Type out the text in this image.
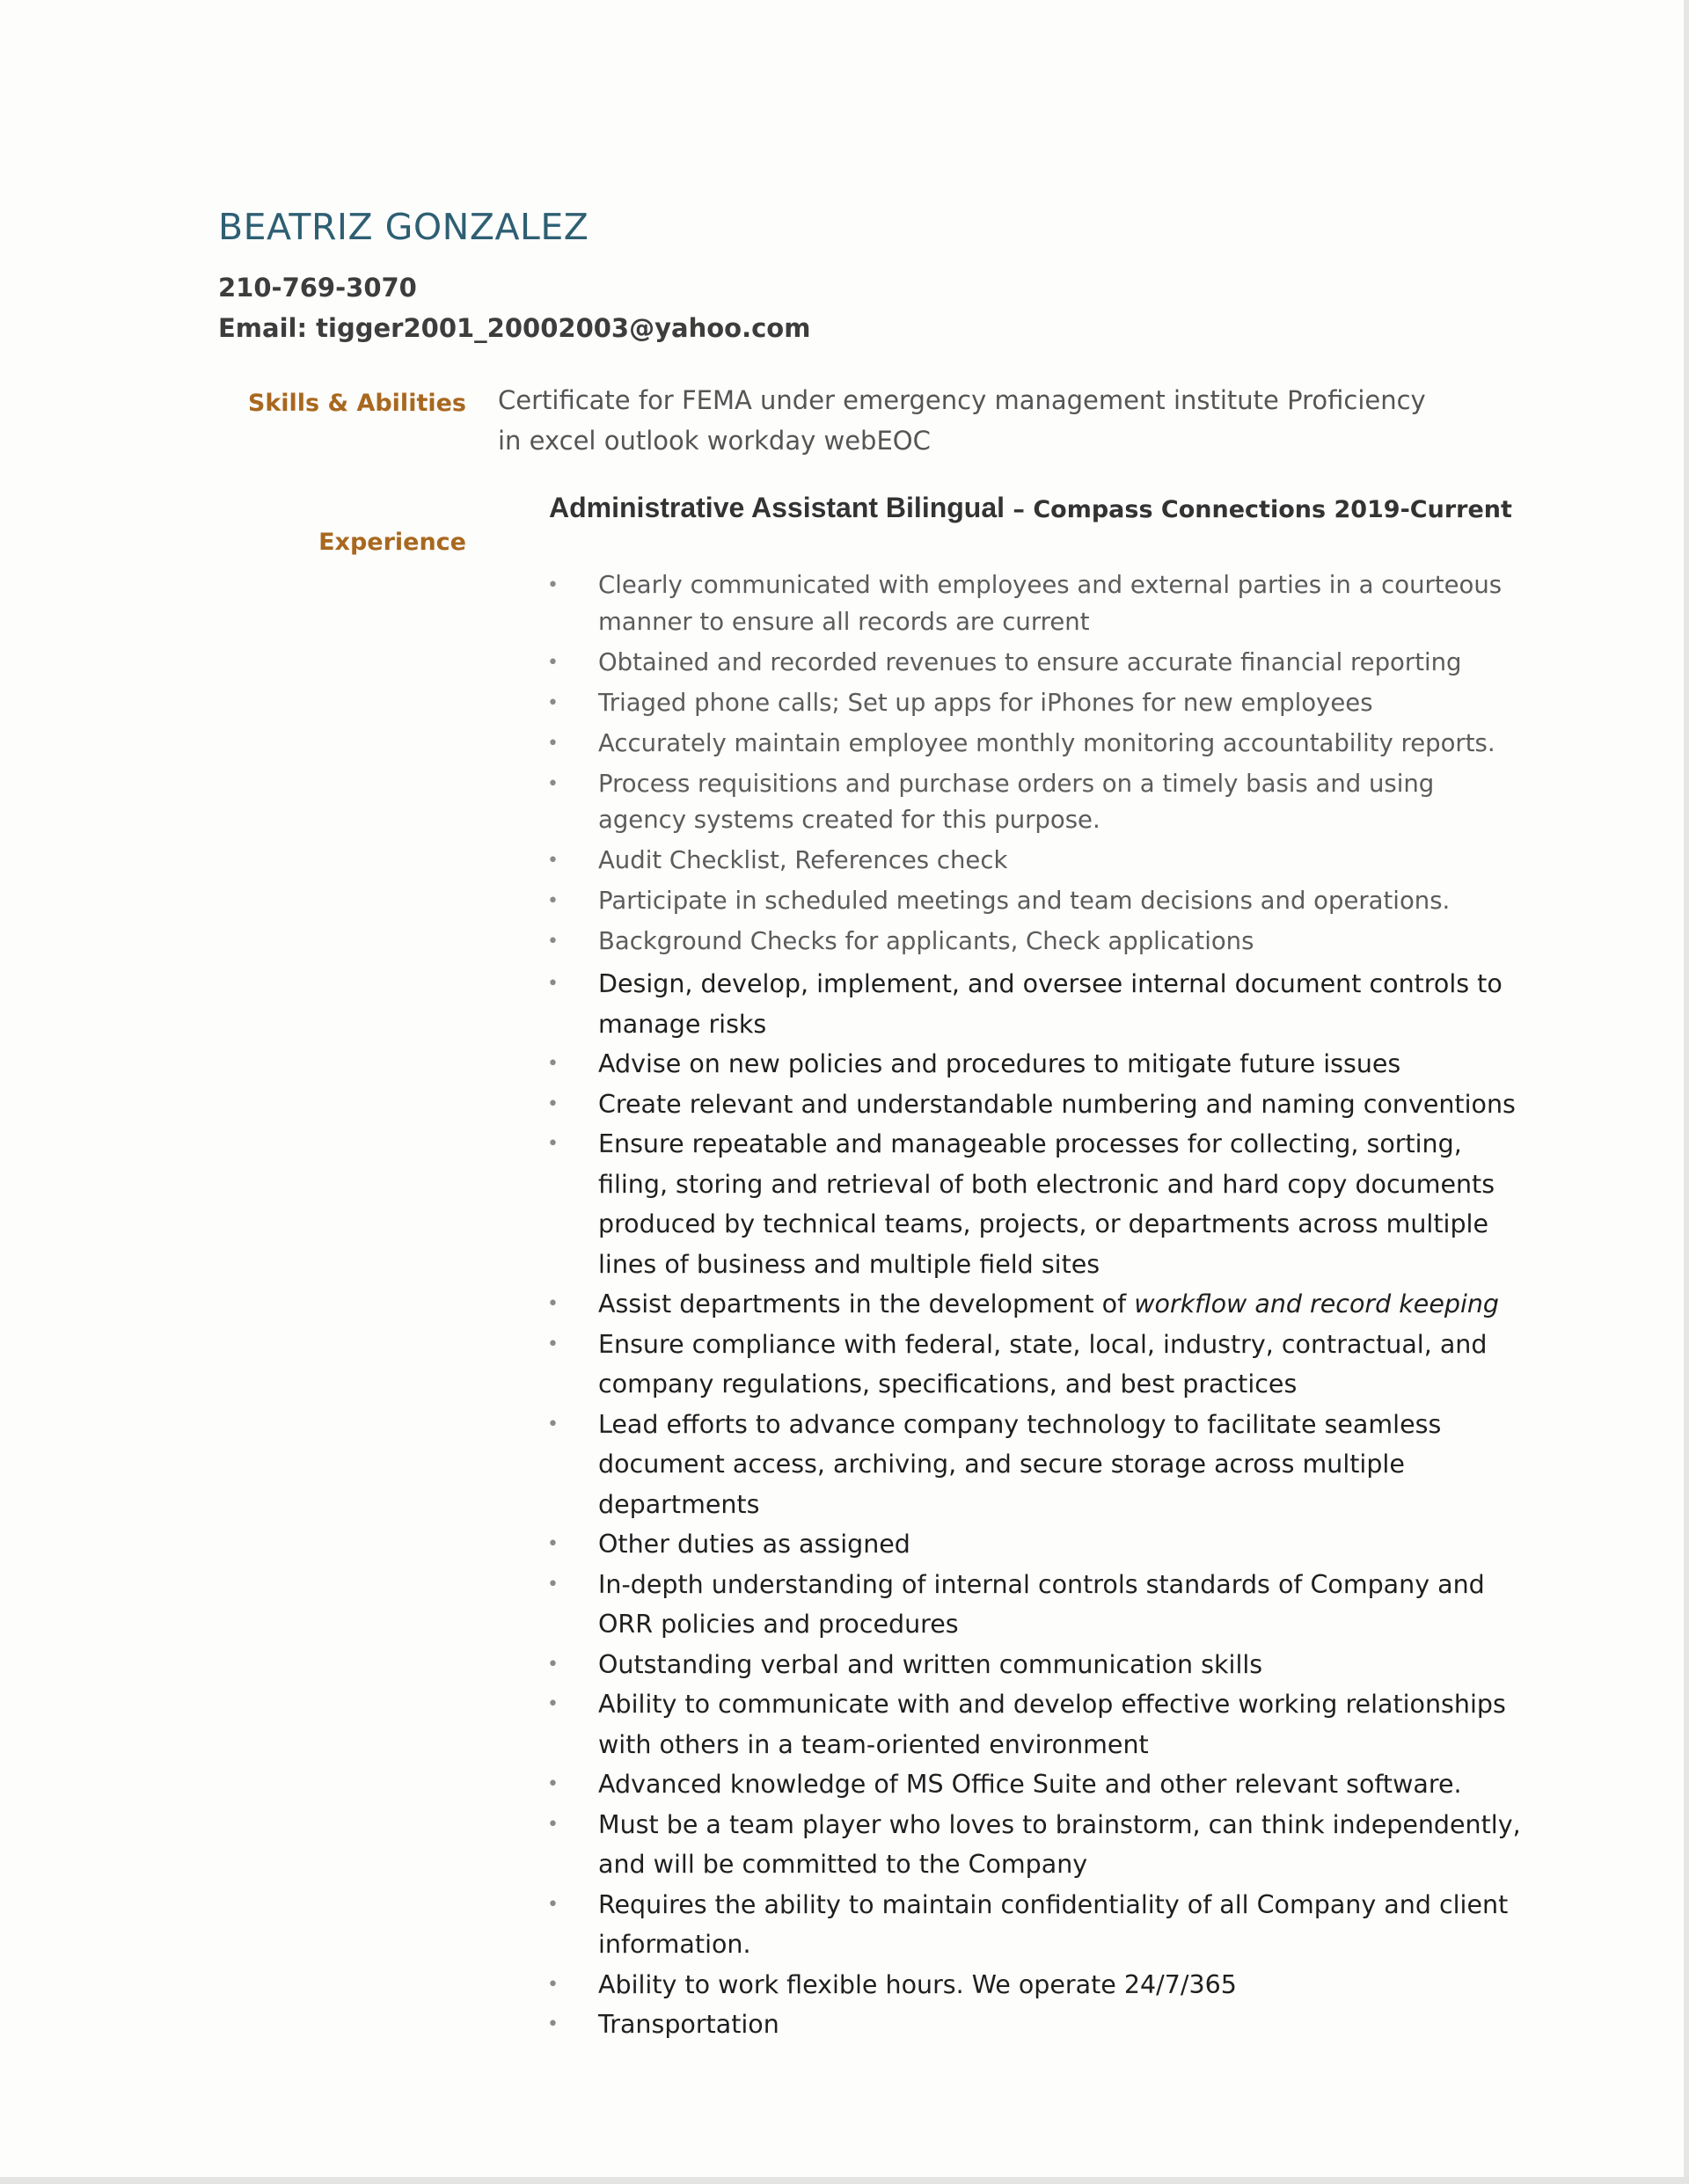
BEATRIZ GONZALEZ
210-769-3070
Email: tigger2001_20002003@yahoo.com
Skills & Abilities Certificate for FEMA under emergency management institute Proficiency in excel outlook workday webEOC
Experience
Administrative Assistant Bilingual – Compass Connections 2019-Current
• Clearly communicated with employees and external parties in a courteous manner to ensure all records are current
• Obtained and recorded revenues to ensure accurate financial reporting
• Triaged phone calls; Set up apps for iPhones for new employees
• Accurately maintain employee monthly monitoring accountability reports.
• Process requisitions and purchase orders on a timely basis and using agency systems created for this purpose.
• Audit Checklist, References check
• Participate in scheduled meetings and team decisions and operations.
• Background Checks for applicants, Check applications
• Design, develop, implement, and oversee internal document controls to manage risks
• Advise on new policies and procedures to mitigate future issues
• Create relevant and understandable numbering and naming conventions
• Ensure repeatable and manageable processes for collecting, sorting, filing, storing and retrieval of both electronic and hard copy documents produced by technical teams, projects, or departments across multiple lines of business and multiple field sites
• Assist departments in the development of workflow and record keeping
• Ensure compliance with federal, state, local, industry, contractual, and company regulations, specifications, and best practices
• Lead efforts to advance company technology to facilitate seamless document access, archiving, and secure storage across multiple departments
• Other duties as assigned
• In-depth understanding of internal controls standards of Company and ORR policies and procedures
• Outstanding verbal and written communication skills
• Ability to communicate with and develop effective working relationships with others in a team-oriented environment
• Advanced knowledge of MS Office Suite and other relevant software.
• Must be a team player who loves to brainstorm, can think independently, and will be committed to the Company
• Requires the ability to maintain confidentiality of all Company and client information.
• Ability to work flexible hours. We operate 24/7/365
• Transportation
